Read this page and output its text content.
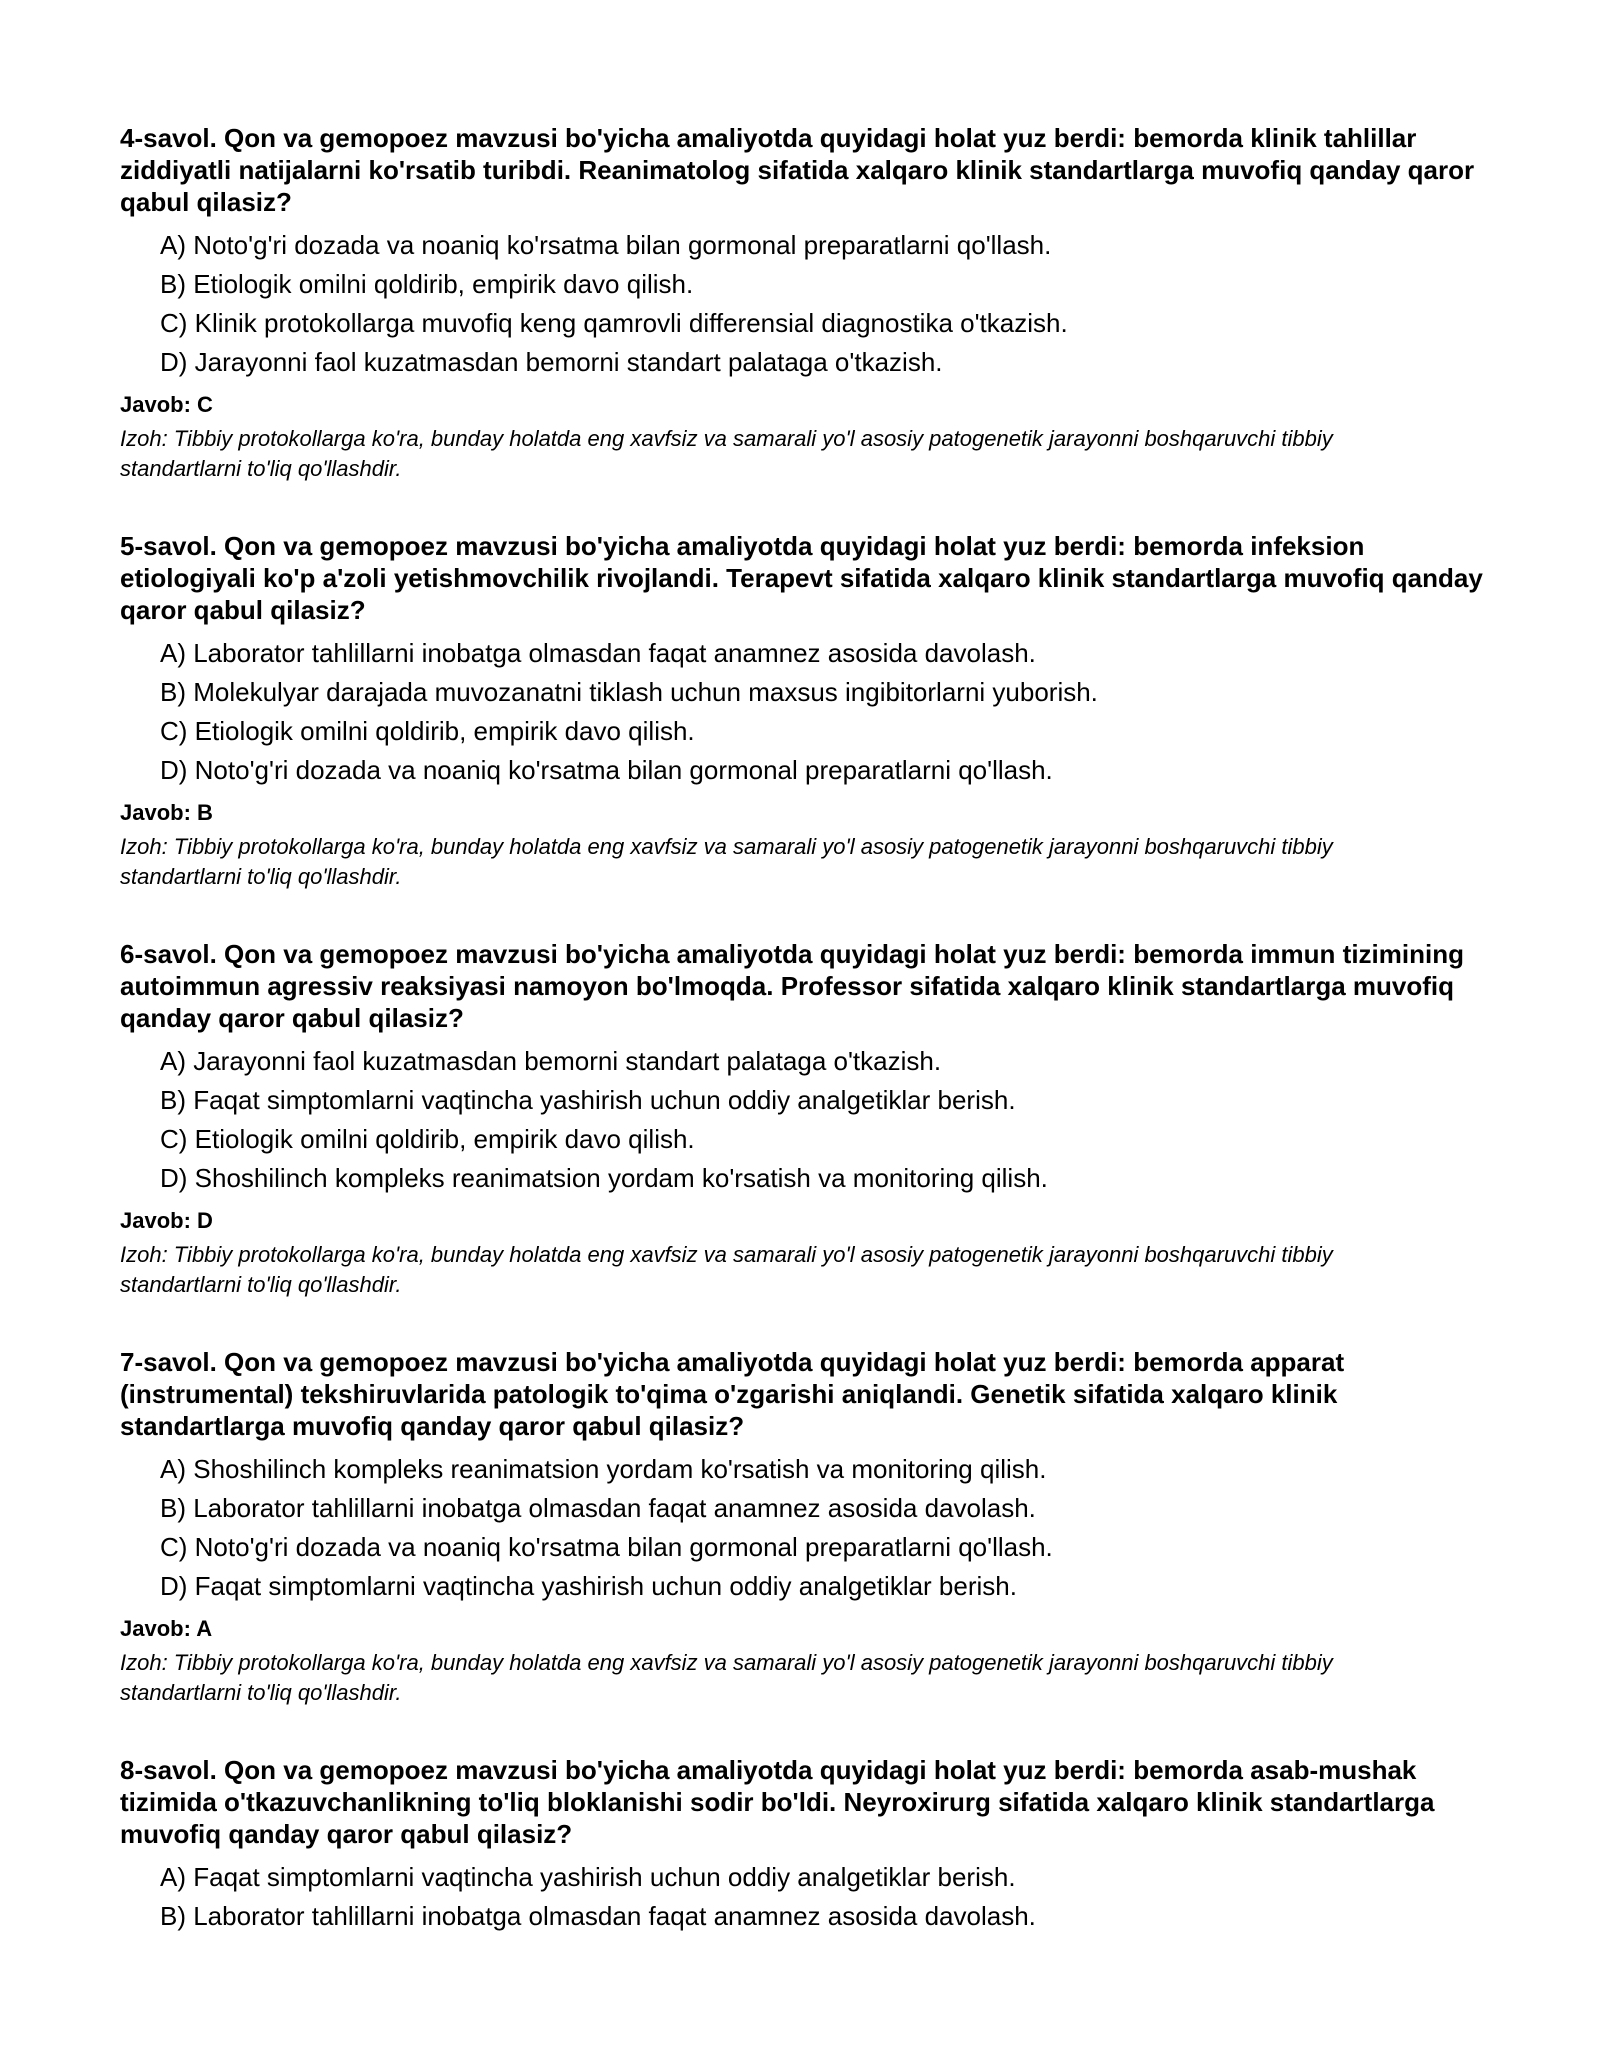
4-savol. Qon va gemopoez mavzusi bo'yicha amaliyotda quyidagi holat yuz berdi: bemorda klinik tahlillar ziddiyatli natijalarni ko'rsatib turibdi. Reanimatolog sifatida xalqaro klinik standartlarga muvofiq qanday qaror qabul qilasiz?

A) Noto'g'ri dozada va noaniq ko'rsatma bilan gormonal preparatlarni qo'llash.
B) Etiologik omilni qoldirib, empirik davo qilish.
C) Klinik protokollarga muvofiq keng qamrovli differensial diagnostika o'tkazish.
D) Jarayonni faol kuzatmasdan bemorni standart palataga o'tkazish.
Javob: C
Izoh: Tibbiy protokollarga ko'ra, bunday holatda eng xavfsiz va samarali yo'l asosiy patogenetik jarayonni boshqaruvchi tibbiy standartlarni to'liq qo'llashdir.

5-savol. Qon va gemopoez mavzusi bo'yicha amaliyotda quyidagi holat yuz berdi: bemorda infeksion etiologiyali ko'p a'zoli yetishmovchilik rivojlandi. Terapevt sifatida xalqaro klinik standartlarga muvofiq qanday qaror qabul qilasiz?

A) Laborator tahlillarni inobatga olmasdan faqat anamnez asosida davolash.
B) Molekulyar darajada muvozanatni tiklash uchun maxsus ingibitorlarni yuborish.
C) Etiologik omilni qoldirib, empirik davo qilish.
D) Noto'g'ri dozada va noaniq ko'rsatma bilan gormonal preparatlarni qo'llash.
Javob: B
Izoh: Tibbiy protokollarga ko'ra, bunday holatda eng xavfsiz va samarali yo'l asosiy patogenetik jarayonni boshqaruvchi tibbiy standartlarni to'liq qo'llashdir.

6-savol. Qon va gemopoez mavzusi bo'yicha amaliyotda quyidagi holat yuz berdi: bemorda immun tizimining autoimmun agressiv reaksiyasi namoyon bo'lmoqda. Professor sifatida xalqaro klinik standartlarga muvofiq qanday qaror qabul qilasiz?

A) Jarayonni faol kuzatmasdan bemorni standart palataga o'tkazish.
B) Faqat simptomlarni vaqtincha yashirish uchun oddiy analgetiklar berish.
C) Etiologik omilni qoldirib, empirik davo qilish.
D) Shoshilinch kompleks reanimatsion yordam ko'rsatish va monitoring qilish.
Javob: D
Izoh: Tibbiy protokollarga ko'ra, bunday holatda eng xavfsiz va samarali yo'l asosiy patogenetik jarayonni boshqaruvchi tibbiy standartlarni to'liq qo'llashdir.

7-savol. Qon va gemopoez mavzusi bo'yicha amaliyotda quyidagi holat yuz berdi: bemorda apparat (instrumental) tekshiruvlarida patologik to'qima o'zgarishi aniqlandi. Genetik sifatida xalqaro klinik standartlarga muvofiq qanday qaror qabul qilasiz?

A) Shoshilinch kompleks reanimatsion yordam ko'rsatish va monitoring qilish.
B) Laborator tahlillarni inobatga olmasdan faqat anamnez asosida davolash.
C) Noto'g'ri dozada va noaniq ko'rsatma bilan gormonal preparatlarni qo'llash.
D) Faqat simptomlarni vaqtincha yashirish uchun oddiy analgetiklar berish.
Javob: A
Izoh: Tibbiy protokollarga ko'ra, bunday holatda eng xavfsiz va samarali yo'l asosiy patogenetik jarayonni boshqaruvchi tibbiy standartlarni to'liq qo'llashdir.

8-savol. Qon va gemopoez mavzusi bo'yicha amaliyotda quyidagi holat yuz berdi: bemorda asab-mushak tizimida o'tkazuvchanlikning to'liq bloklanishi sodir bo'ldi. Neyroxirurg sifatida xalqaro klinik standartlarga muvofiq qanday qaror qabul qilasiz?

A) Faqat simptomlarni vaqtincha yashirish uchun oddiy analgetiklar berish.
B) Laborator tahlillarni inobatga olmasdan faqat anamnez asosida davolash.
